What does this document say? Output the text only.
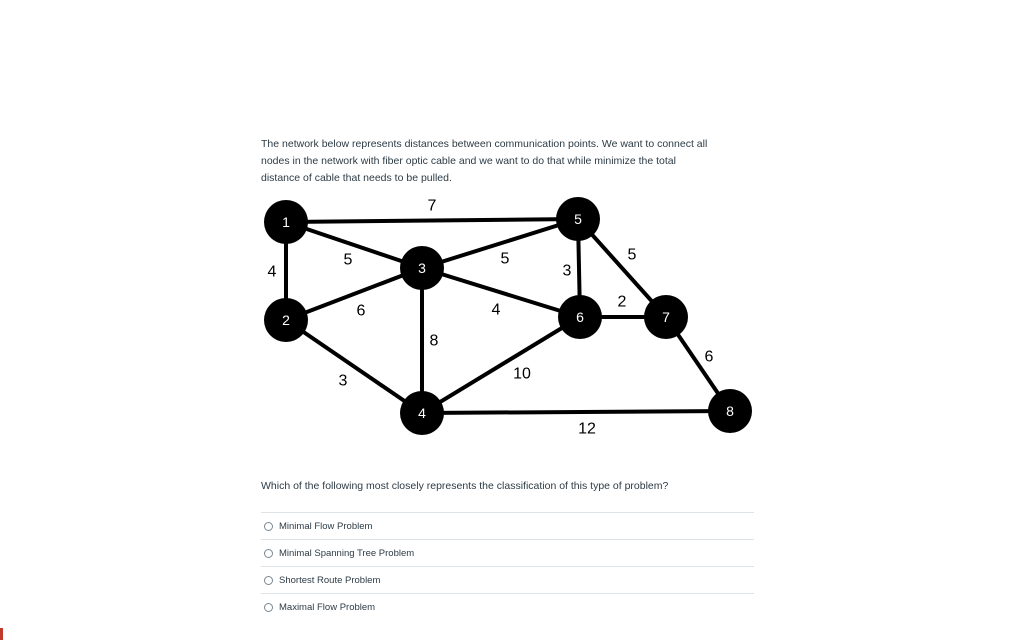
The network below represents distances between communication points. We want to connect all
nodes in the network with fiber optic cable and we want to do that while minimize the total
distance of cable that needs to be pulled.
7
4
5
6
3
8
5
4
3
5
2
10
6
12
1
2
3
4
5
6	7
8
Which of the following most closely represents the classification of this type of problem?
Minimal Flow Problem
Minimal Spanning Tree Problem
Shortest Route Problem
Maximal Flow Problem
